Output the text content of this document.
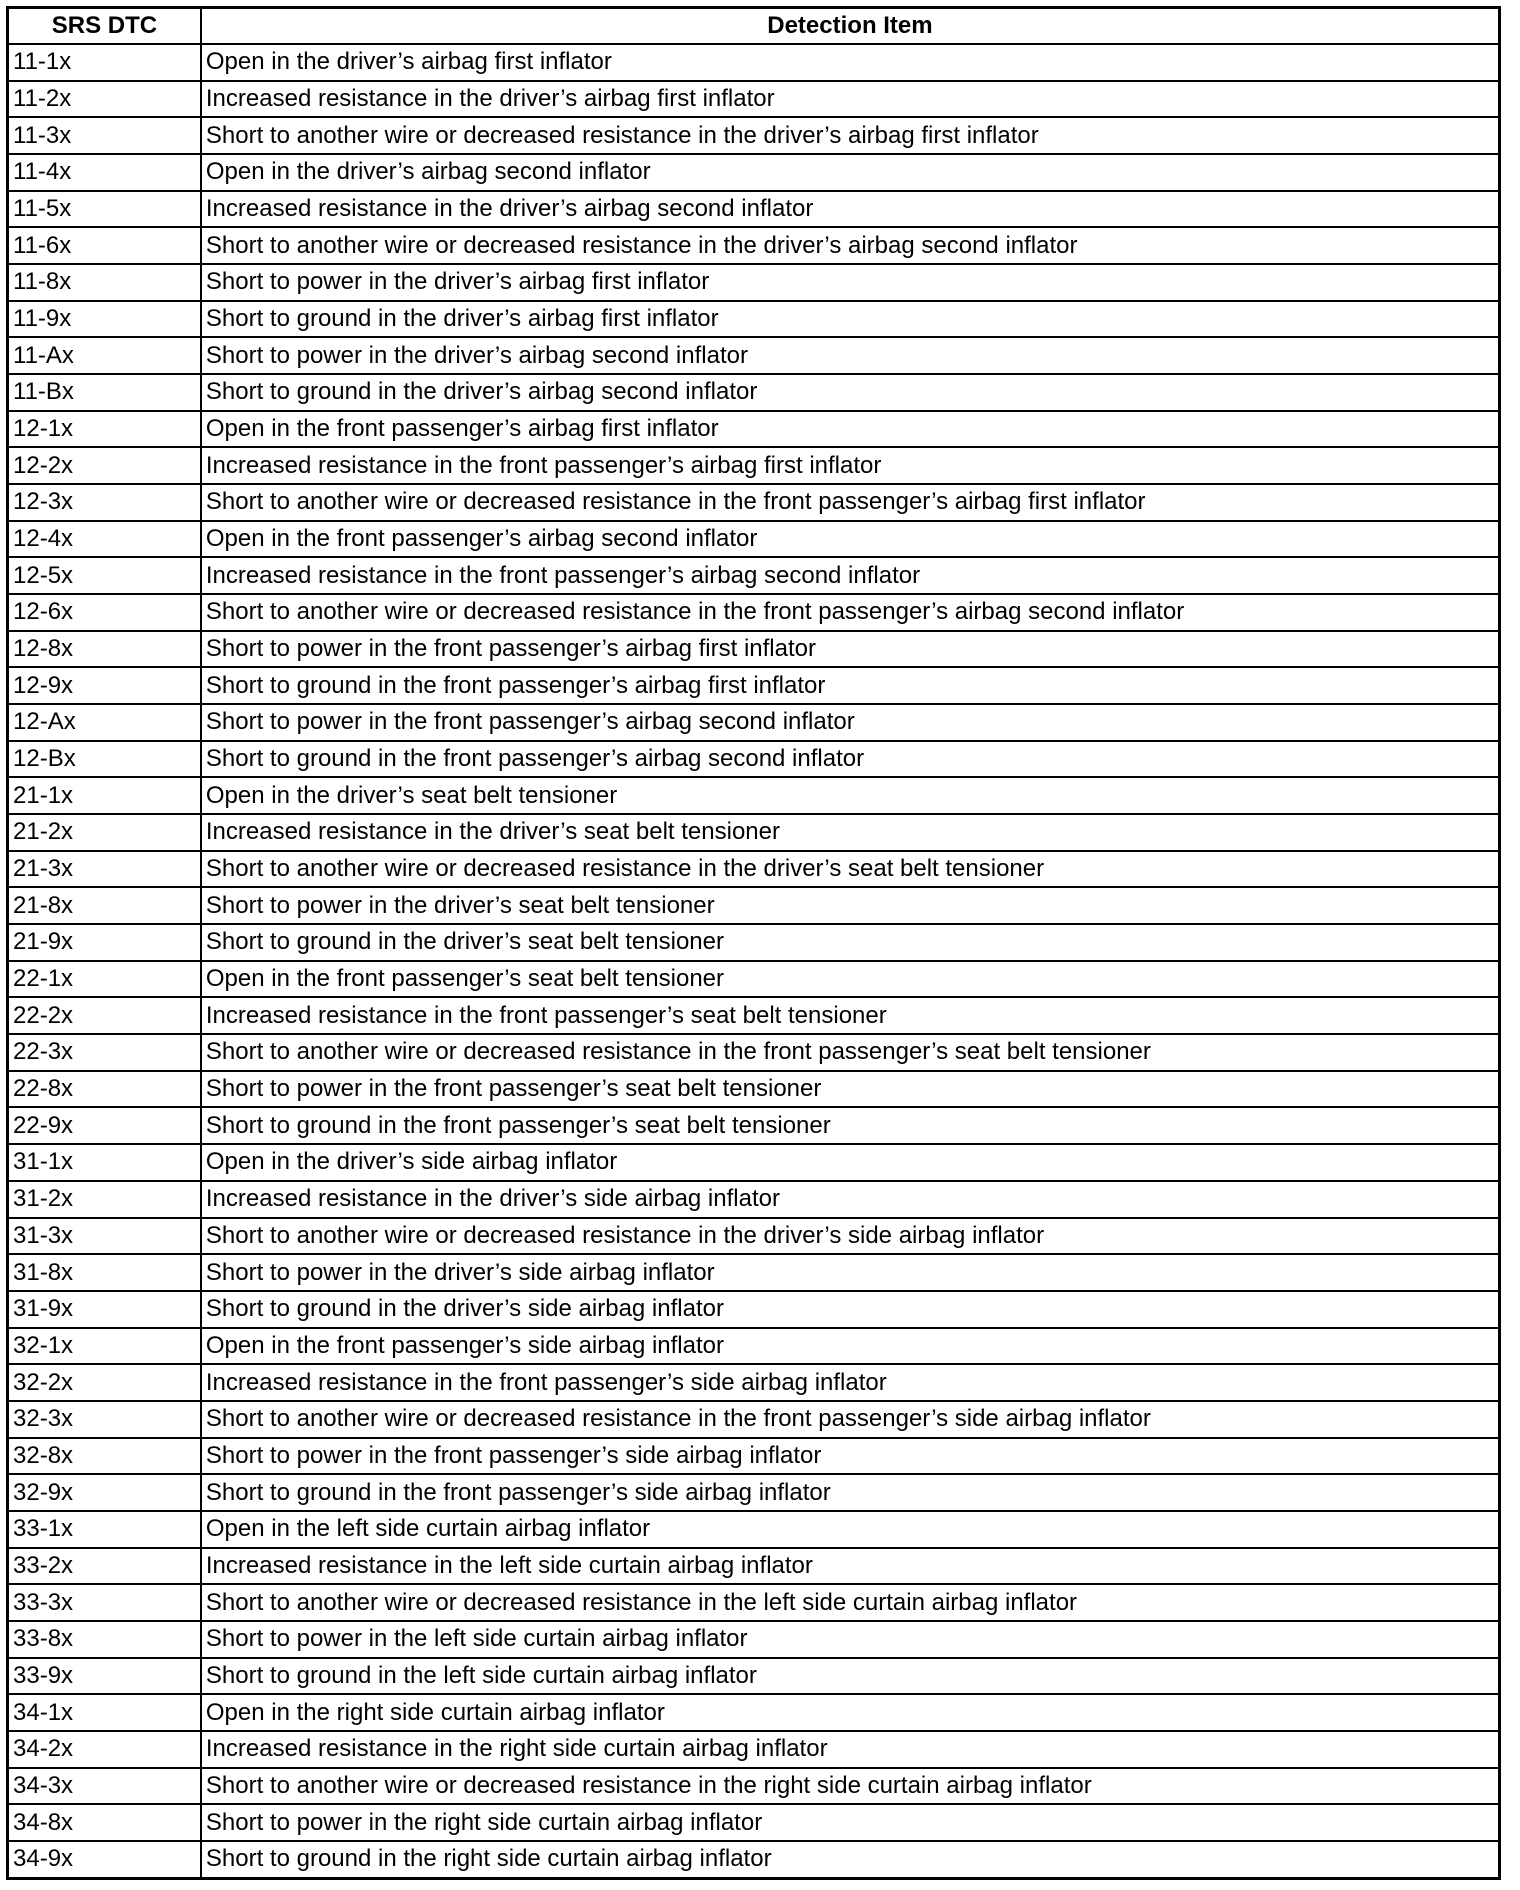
SRS DTC	Detection Item
11-1x	Open in the driver’s airbag first inflator
11-2x	Increased resistance in the driver’s airbag first inflator
11-3x	Short to another wire or decreased resistance in the driver’s airbag first inflator
11-4x	Open in the driver’s airbag second inflator
11-5x	Increased resistance in the driver’s airbag second inflator
11-6x	Short to another wire or decreased resistance in the driver’s airbag second inflator
11-8x	Short to power in the driver’s airbag first inflator
11-9x	Short to ground in the driver’s airbag first inflator
11-Ax	Short to power in the driver’s airbag second inflator
11-Bx	Short to ground in the driver’s airbag second inflator
12-1x	Open in the front passenger’s airbag first inflator
12-2x	Increased resistance in the front passenger’s airbag first inflator
12-3x	Short to another wire or decreased resistance in the front passenger’s airbag first inflator
12-4x	Open in the front passenger’s airbag second inflator
12-5x	Increased resistance in the front passenger’s airbag second inflator
12-6x	Short to another wire or decreased resistance in the front passenger’s airbag second inflator
12-8x	Short to power in the front passenger’s airbag first inflator
12-9x	Short to ground in the front passenger’s airbag first inflator
12-Ax	Short to power in the front passenger’s airbag second inflator
12-Bx	Short to ground in the front passenger’s airbag second inflator
21-1x	Open in the driver’s seat belt tensioner
21-2x	Increased resistance in the driver’s seat belt tensioner
21-3x	Short to another wire or decreased resistance in the driver’s seat belt tensioner
21-8x	Short to power in the driver’s seat belt tensioner
21-9x	Short to ground in the driver’s seat belt tensioner
22-1x	Open in the front passenger’s seat belt tensioner
22-2x	Increased resistance in the front passenger’s seat belt tensioner
22-3x	Short to another wire or decreased resistance in the front passenger’s seat belt tensioner
22-8x	Short to power in the front passenger’s seat belt tensioner
22-9x	Short to ground in the front passenger’s seat belt tensioner
31-1x	Open in the driver’s side airbag inflator
31-2x	Increased resistance in the driver’s side airbag inflator
31-3x	Short to another wire or decreased resistance in the driver’s side airbag inflator
31-8x	Short to power in the driver’s side airbag inflator
31-9x	Short to ground in the driver’s side airbag inflator
32-1x	Open in the front passenger’s side airbag inflator
32-2x	Increased resistance in the front passenger’s side airbag inflator
32-3x	Short to another wire or decreased resistance in the front passenger’s side airbag inflator
32-8x	Short to power in the front passenger’s side airbag inflator
32-9x	Short to ground in the front passenger’s side airbag inflator
33-1x	Open in the left side curtain airbag inflator
33-2x	Increased resistance in the left side curtain airbag inflator
33-3x	Short to another wire or decreased resistance in the left side curtain airbag inflator
33-8x	Short to power in the left side curtain airbag inflator
33-9x	Short to ground in the left side curtain airbag inflator
34-1x	Open in the right side curtain airbag inflator
34-2x	Increased resistance in the right side curtain airbag inflator
34-3x	Short to another wire or decreased resistance in the right side curtain airbag inflator
34-8x	Short to power in the right side curtain airbag inflator
34-9x	Short to ground in the right side curtain airbag inflator
